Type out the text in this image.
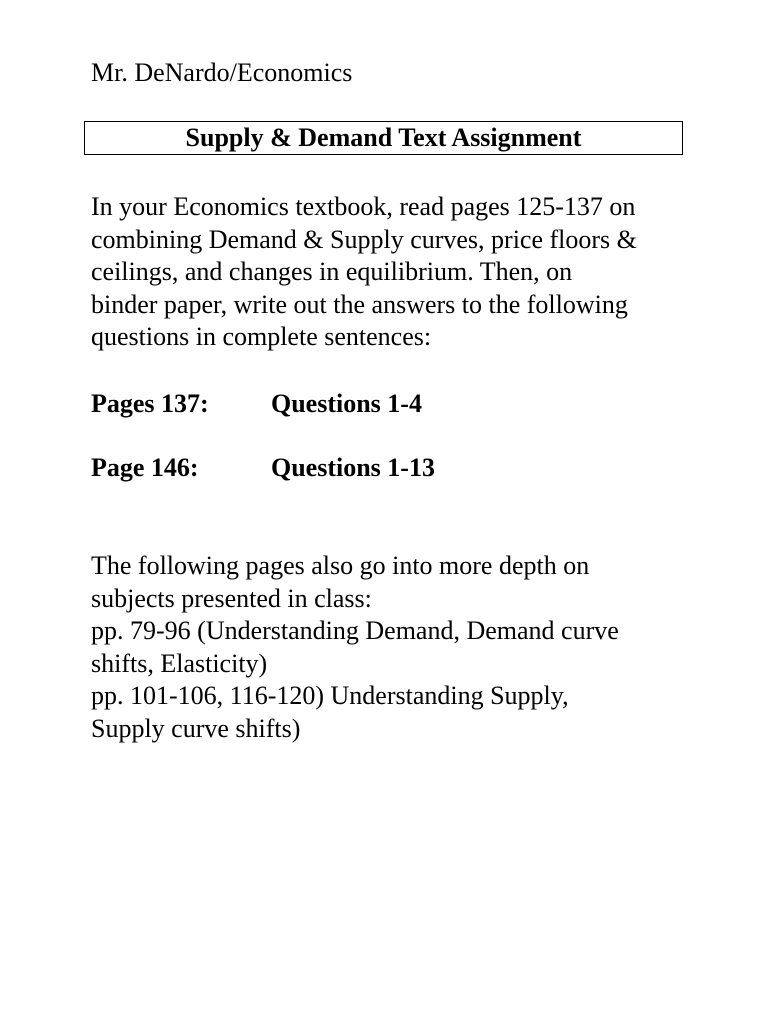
Mr. DeNardo/Economics
Supply & Demand Text Assignment

In your Economics textbook, read pages 125-137 on
combining Demand & Supply curves, price floors &
ceilings, and changes in equilibrium. Then, on
binder paper, write out the answers to the following
questions in complete sentences:

Pages 137: Questions 1-4
Page 146:	Questions 1-13

The following pages also go into more depth on
subjects presented in class:
pp. 79-96 (Understanding Demand, Demand curve
shifts, Elasticity)
pp. 101-106, 116-120) Understanding Supply,
Supply curve shifts)
